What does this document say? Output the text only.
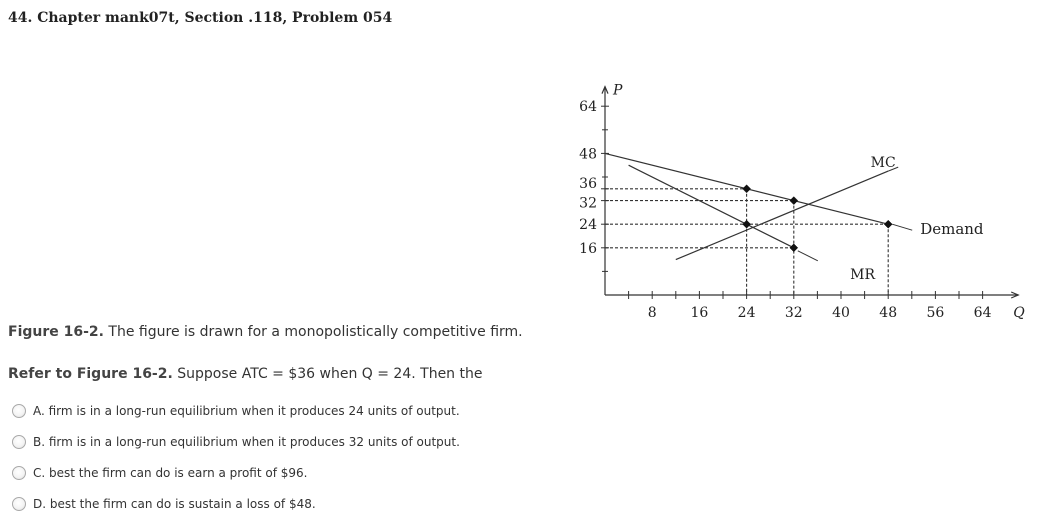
44. Chapter mank07t, Section .118, Problem 054
P
Q
8 16 24 32 40 48 56 64
16
24
32
36
48
64
Demand
MR
MC
Figure 16-2. The figure is drawn for a monopolistically competitive firm.
Refer to Figure 16-2. Suppose ATC = $36 when Q = 24. Then the
A. firm is in a long-run equilibrium when it produces 24 units of output.
B. firm is in a long-run equilibrium when it produces 32 units of output.
C. best the firm can do is earn a profit of $96.
D. best the firm can do is sustain a loss of $48.
